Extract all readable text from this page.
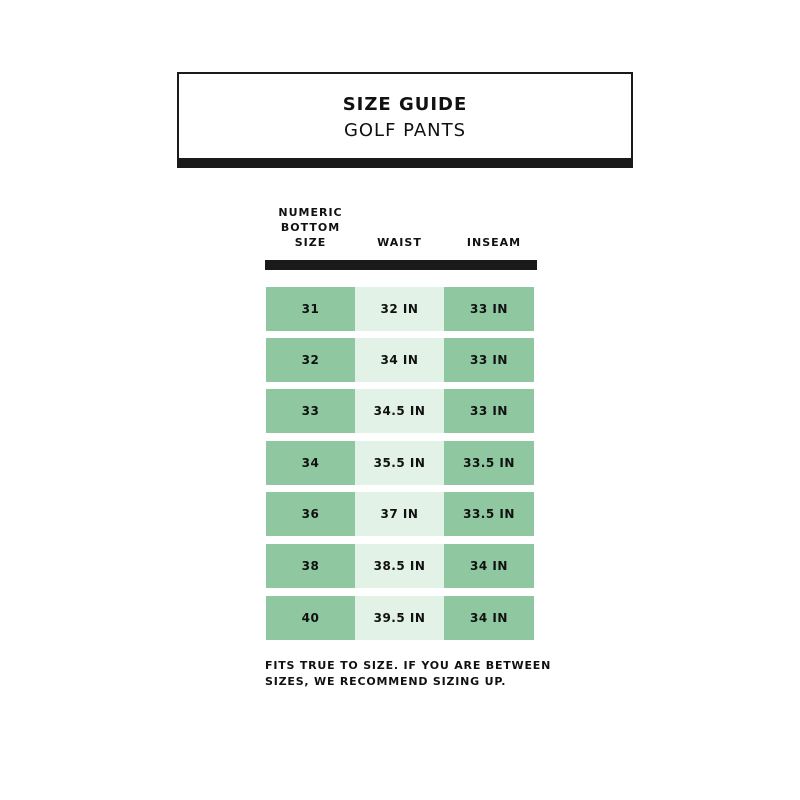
SIZE GUIDE
GOLF PANTS
NUMERIC
BOTTOM
SIZE	WAIST	INSEAM
31	32 IN	33 IN
32	34 IN	33 IN
33	34.5 IN	33 IN
34	35.5 IN	33.5 IN
36	37 IN	33.5 IN
38	38.5 IN	34 IN
40	39.5 IN	34 IN
FITS TRUE TO SIZE. IF YOU ARE BETWEEN
SIZES, WE RECOMMEND SIZING UP.
